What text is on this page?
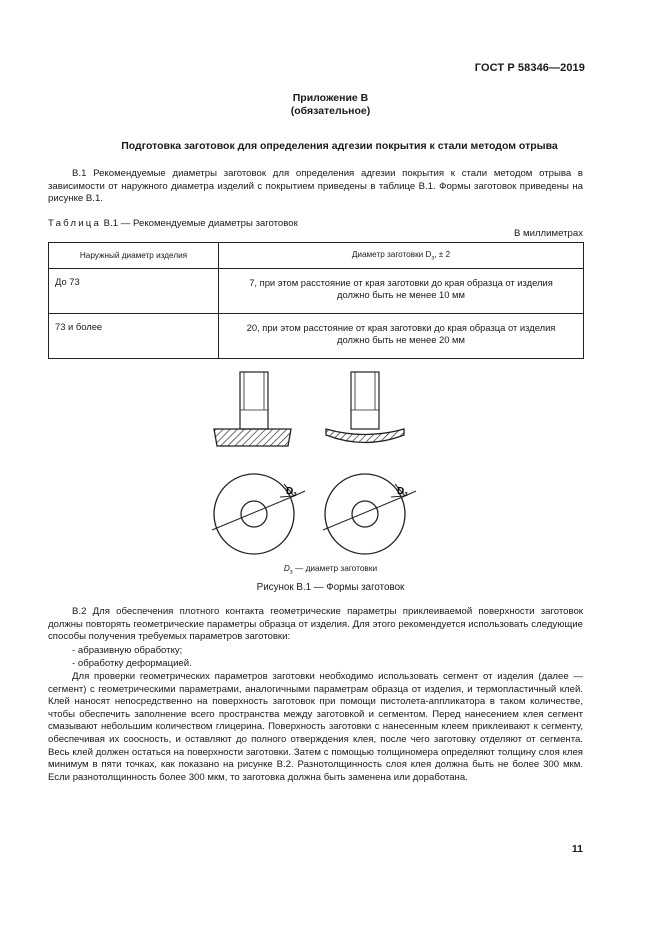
ГОСТ Р 58346—2019
Приложение В
(обязательное)
Подготовка заготовок для определения адгезии покрытия к стали методом отрыва
В.1 Рекомендуемые диаметры заготовок для определения адгезии покрытия к стали методом отрыва в зависимости от наружного диаметра изделий с покрытием приведены в таблице В.1. Формы заготовок приведены на рисунке В.1.
Таблица В.1 — Рекомендуемые диаметры заготовок
В миллиметрах
Наружный диаметр изделия	Диаметр заготовки $D_з$, ± 2
До 73	7, при этом расстояние от края заготовки до края образца от изделия
должно быть не менее 10 мм

73 и более	20, при этом расстояние от края заготовки до края образца от изделия
должно быть не менее 20 мм
$D_з$	$D_з$
$D_з$ — диаметр заготовки
Рисунок В.1 — Формы заготовок
В.2 Для обеспечения плотного контакта геометрические параметры приклеиваемой поверхности заготовок должны повторять геометрические параметры образца от изделия. Для этого рекомендуется использовать следующие способы получения требуемых параметров заготовки:
- абразивную обработку;
- обработку деформацией.
Для проверки геометрических параметров заготовки необходимо использовать сегмент от изделия (далее — сегмент) с геометрическими параметрами, аналогичными параметрам образца от изделия, и термопластичный клей. Клей наносят непосредственно на поверхность заготовок при помощи пистолета-аппликатора в таком количестве, чтобы обеспечить заполнение всего пространства между заготовкой и сегментом. Перед нанесением клея сегмент смазывают небольшим количеством глицерина. Поверхность заготовки с нанесенным клеем приклеивают к сегменту, обеспечивая их соосность, и оставляют до полного отверждения клея, после чего заготовку отделяют от сегмента. Весь клей должен остаться на поверхности заготовки. Затем с помощью толщиномера определяют толщину слоя клея минимум в пяти точках, как показано на рисунке В.2. Разнотолщинность слоя клея должна быть не более 300 мкм. Если разнотолщинность более 300 мкм, то заготовка должна быть заменена или доработана.
11
